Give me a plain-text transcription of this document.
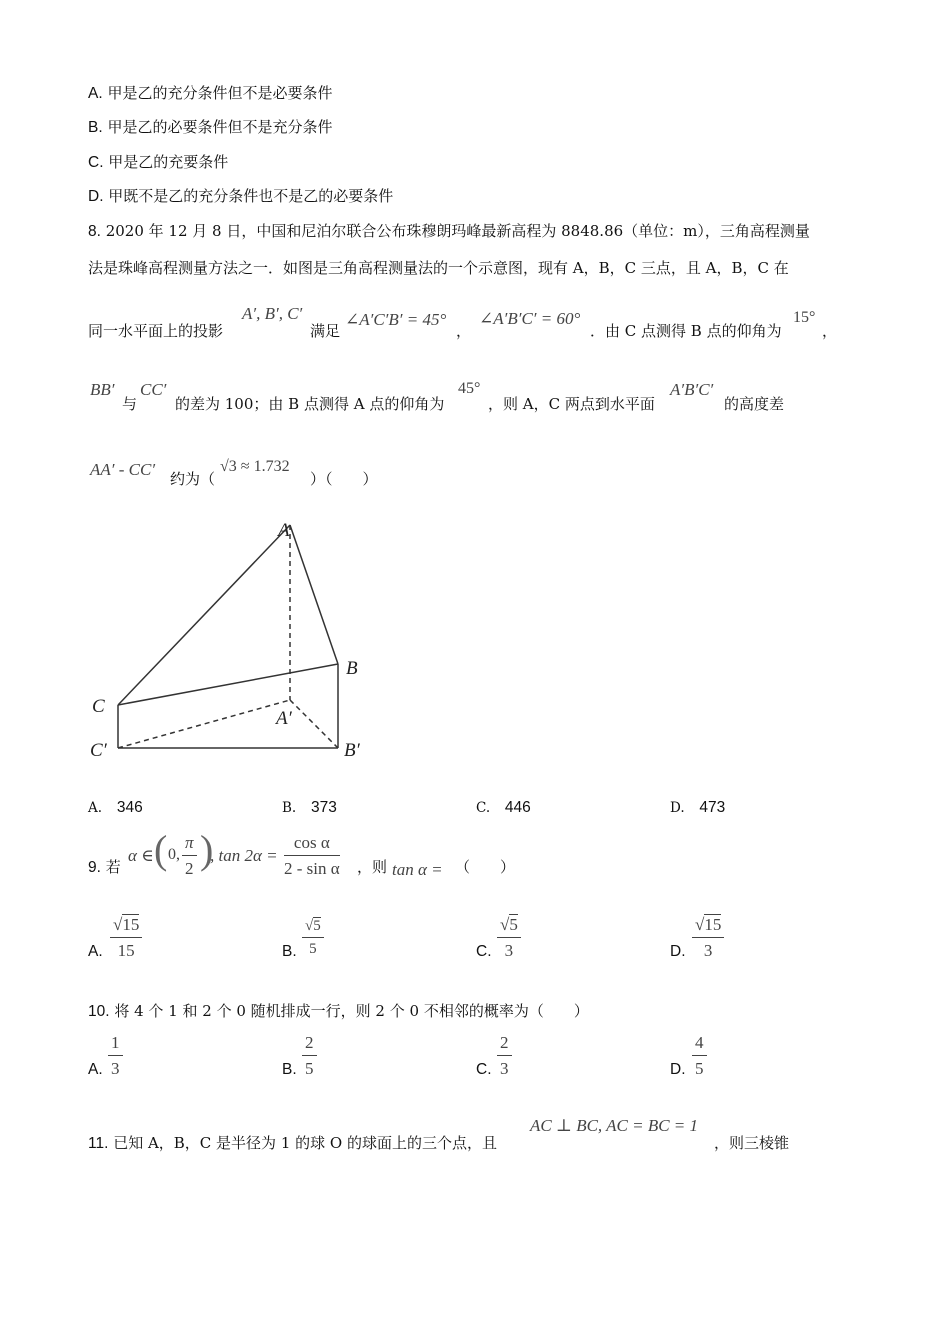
A. 甲是乙的充分条件但不是必要条件
B. 甲是乙的必要条件但不是充分条件
C. 甲是乙的充要条件
D. 甲既不是乙的充分条件也不是乙的必要条件
8. 2020 年 12 月 8 日，中国和尼泊尔联合公布珠穆朗玛峰最新高程为 8848.86（单位：m），三角高程测量
法是珠峰高程测量方法之一．如图是三角高程测量法的一个示意图，现有 A，B，C 三点，且 A，B，C 在
同一水平面上的投影
A′, B′, C′
满足
∠A′C′B′ = 45°
，
∠A′B′C′ = 60°
．由 C 点测得 B 点的仰角为
15°
，
BB′
与
CC′
的差为 100；由 B 点测得 A 点的仰角为
45°
，则 A，C 两点到水平面
A′B′C′
的高度差
AA′ - CC′ 约为（
√3 ≈ 1.732
）（　　）
A
B
C
A′
B′
C′
A. 346	B. 373	C. 446	D. 473
9. 若
α ∈ ( 0, $\frac{\pi}{2}$ )
, $\tan 2\alpha = \frac{\text{cos α}}{\text{2 - sin α}}$ ，则 tan α = （　　）
A. $\frac{√15}{15}$	B. $\frac{√5}{5}$	C. $\frac{√5}{3}$	D. $\frac{√15}{3}$
10. 将 4 个 1 和 2 个 0 随机排成一行，则 2 个 0 不相邻的概率为（　　）
A. $\frac{1}{3}$	B. $\frac{2}{5}$	C. $\frac{2}{3}$	D. $\frac{4}{5}$
11. 已知 A，B，C 是半径为 1 的球 O 的球面上的三个点，且
AC ⊥ BC, AC = BC = 1
，则三棱锥
